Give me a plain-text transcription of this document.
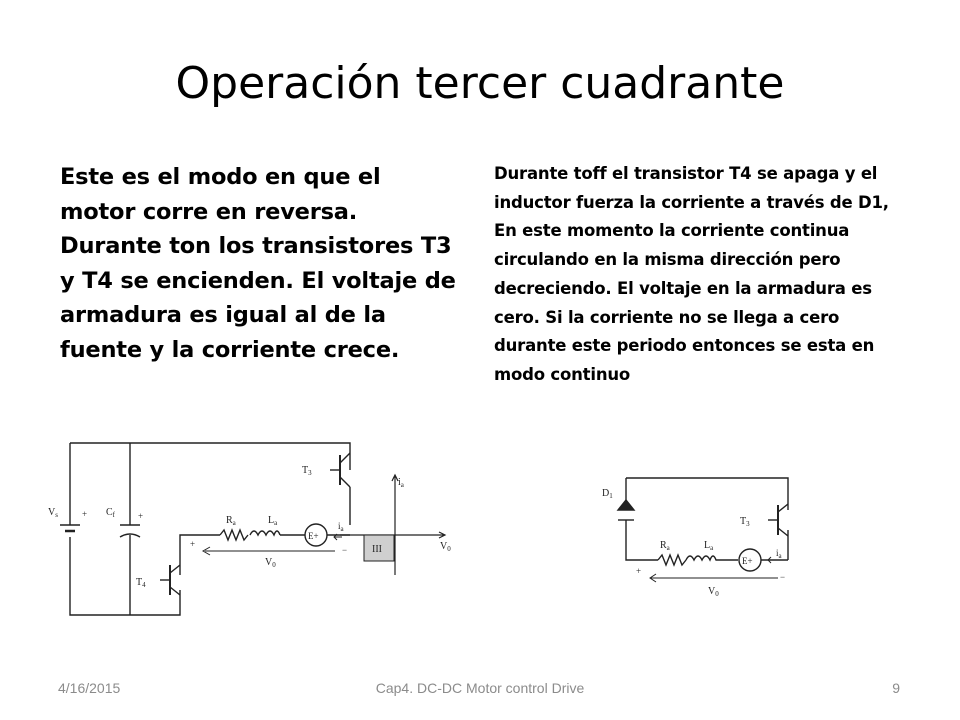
Operación tercer cuadrante

Este es el modo en que el motor corre en reversa. Durante ton los transistores T3 y T4 se encienden. El voltaje de armadura es igual al de la fuente y la corriente crece.

Durante toff el transistor T4 se apaga y el inductor fuerza la corriente a través de D1, En este momento la corriente continua circulando en la misma dirección pero decreciendo. El voltaje en la armadura es cero. Si la corriente no se llega a cero durante este periodo entonces se esta en modo continuo

$V_s$	+ $C_f$	+
$T_3$
E+
$R_a$	$L_a$	$i_a$
$V_0$
+
−
$T_4$
III
$i_a$
$V_0$
$D_1$
$T_3$
E+
$R_a$	$L_a$	$i_a$
$V_0$
+
−
4/16/2015	Cap4. DC-DC Motor control Drive	9
